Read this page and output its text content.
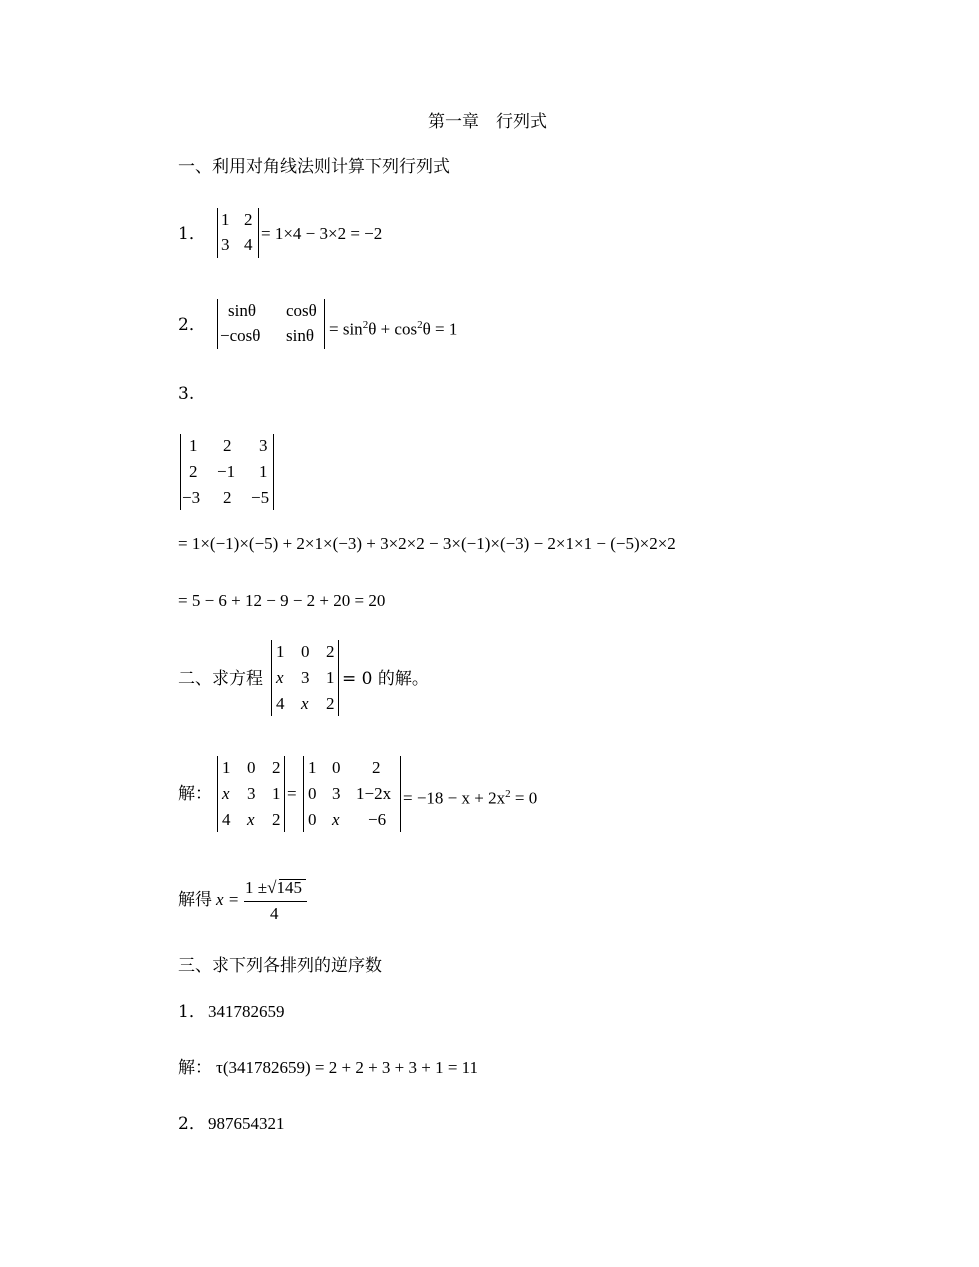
第一章　行列式
一、利用对角线法则计算下列行列式
1．
1 2
3 4
= 1×4 − 3×2 = −2
2．
sinθ cosθ
−cosθ $\sin\theta = \sin^2\theta + \cos^2\theta = 1$
3.
1 2 3
2 −1 1
−3 2 −5
= 1×(−1)×(−5) + 2×1×(−3) + 3×2×2 − 3×(−1)×(−3) − 2×1×1 − (−5)×2×2
= 5 − 6 + 12 − 9 − 2 + 20 = 20
二、求方程
1 0 2
x 3 1
4 x 2
= 0 的解。
解：
1 0 2
x 3 1
4 x 2
=
1 0 2
0 3 1−2x
0 x −6
= $-18 - x + 2x^2 = 0$
解得 x =
1 ±√145
4
三、求下列各排列的逆序数
1． 341782659
解： τ(341782659) = 2 + 2 + 3 + 3 + 1 = 11
2． 987654321
